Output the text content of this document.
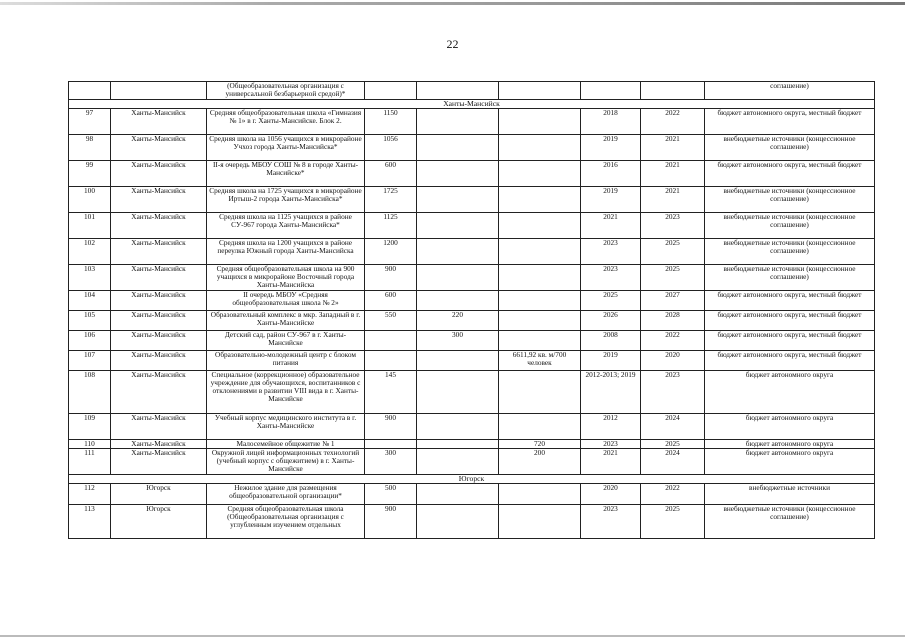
22
		(Общеобразовательная организация с универсальной безбарьерной средой)*						соглашение)
Ханты-Мансийск								
97	Ханты-Мансийск	Средняя общеобразовательная школа «Гимназия № 1» в г. Ханты-Мансийске. Блок 2.	1150			2018	2022	бюджет автономного округа, местный бюджет
98	Ханты-Мансийск	Средняя школа на 1056 учащихся в микрорайоне Учхоз города Ханты-Мансийска*	1056			2019	2021	внебюджетные источники (концессионное соглашение)
99	Ханты-Мансийск	II-я очередь МБОУ СОШ № 8 в городе Ханты-Мансийске*	600			2016	2021	бюджет автономного округа, местный бюджет
100	Ханты-Мансийск	Средняя школа на 1725 учащихся в микрорайоне Иртыш-2 города Ханты-Мансийска*	1725			2019	2021	внебюджетные источники (концессионное соглашение)
101	Ханты-Мансийск	Средняя школа на 1125 учащихся в районе СУ-967 города Ханты-Мансийска*	1125			2021	2023	внебюджетные источники (концессионное соглашение)
102	Ханты-Мансийск	Средняя школа на 1200 учащихся в районе переулка Южный города Ханты-Мансийска	1200			2023	2025	внебюджетные источники (концессионное соглашение)
103	Ханты-Мансийск	Средняя общеобразовательная школа на 900 учащихся в микрорайоне Восточный города Ханты-Мансийска	900			2023	2025	внебюджетные источники (концессионное соглашение)
104	Ханты-Мансийск	II очередь МБОУ «Средняя общеобразовательная школа № 2»	600			2025	2027	бюджет автономного округа, местный бюджет
105	Ханты-Мансийск	Образовательный комплекс в мкр. Западный в г. Ханты-Мансийске	550	220		2026	2028	бюджет автономного округа, местный бюджет
106	Ханты-Мансийск	Детский сад, район СУ-967 в г. Ханты-Мансийске		300		2008	2022	бюджет автономного округа, местный бюджет
107	Ханты-Мансийск	Образовательно-молодежный центр с блоком питания			6611,92 кв. м/700 человек	2019	2020	бюджет автономного округа, местный бюджет
108	Ханты-Мансийск	Специальное (коррекционное) образовательное учреждение для обучающихся, воспитанников с отклонениями в развитии VIII вида в г. Ханты-Мансийске	145			2012-2013; 2019	2023	бюджет автономного округа
109	Ханты-Мансийск	Учебный корпус медицинского института в г. Ханты-Мансийске	900			2012	2024	бюджет автономного округа
110	Ханты-Мансийск	Малосемейное общежитие № 1			720	2023	2025	бюджет автономного округа
111	Ханты-Мансийск	Окружной лицей информационных технологий (учебный корпус с общежитием) в г. Ханты-Мансийске	300		200	2021	2024	бюджет автономного округа
Югорск								
112	Югорск	Нежилое здание для размещения общеобразовательной организации*	500			2020	2022	внебюджетные источники
113	Югорск	Средняя общеобразовательная школа (Общеобразовательная организация с углубленным изучением отдельных	900			2023	2025	внебюджетные источники (концессионное соглашение)
